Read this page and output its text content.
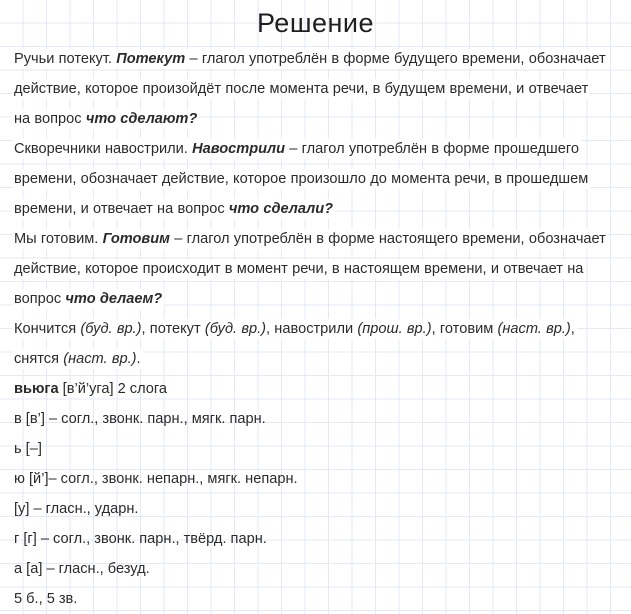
Решение
Ручьи потекут. Потекут – глагол употреблён в форме будущего времени, обозначает
действие, которое произойдёт после момента речи, в будущем времени, и отвечает
на вопрос что сделают?
Скворечники навострили. Навострили – глагол употреблён в форме прошедшего
времени, обозначает действие, которое произошло до момента речи, в прошедшем
времени, и отвечает на вопрос что сделали?
Мы готовим. Готовим – глагол употреблён в форме настоящего времени, обозначает
действие, которое происходит в момент речи, в настоящем времени, и отвечает на
вопрос что делаем?
Кончится (буд. вр.), потекут (буд. вр.), навострили (прош. вр.), готовим (наст. вр.),
снятся (наст. вр.).
вьюга [в’й’уга] 2 слога
в [в’] – согл., звонк. парн., мягк. парн.
ь [–]
ю [й’]– согл., звонк. непарн., мягк. непарн.
[у] – гласн., ударн.
г [г] – согл., звонк. парн., твёрд. парн.
а [а] – гласн., безуд.
5 б., 5 зв.
